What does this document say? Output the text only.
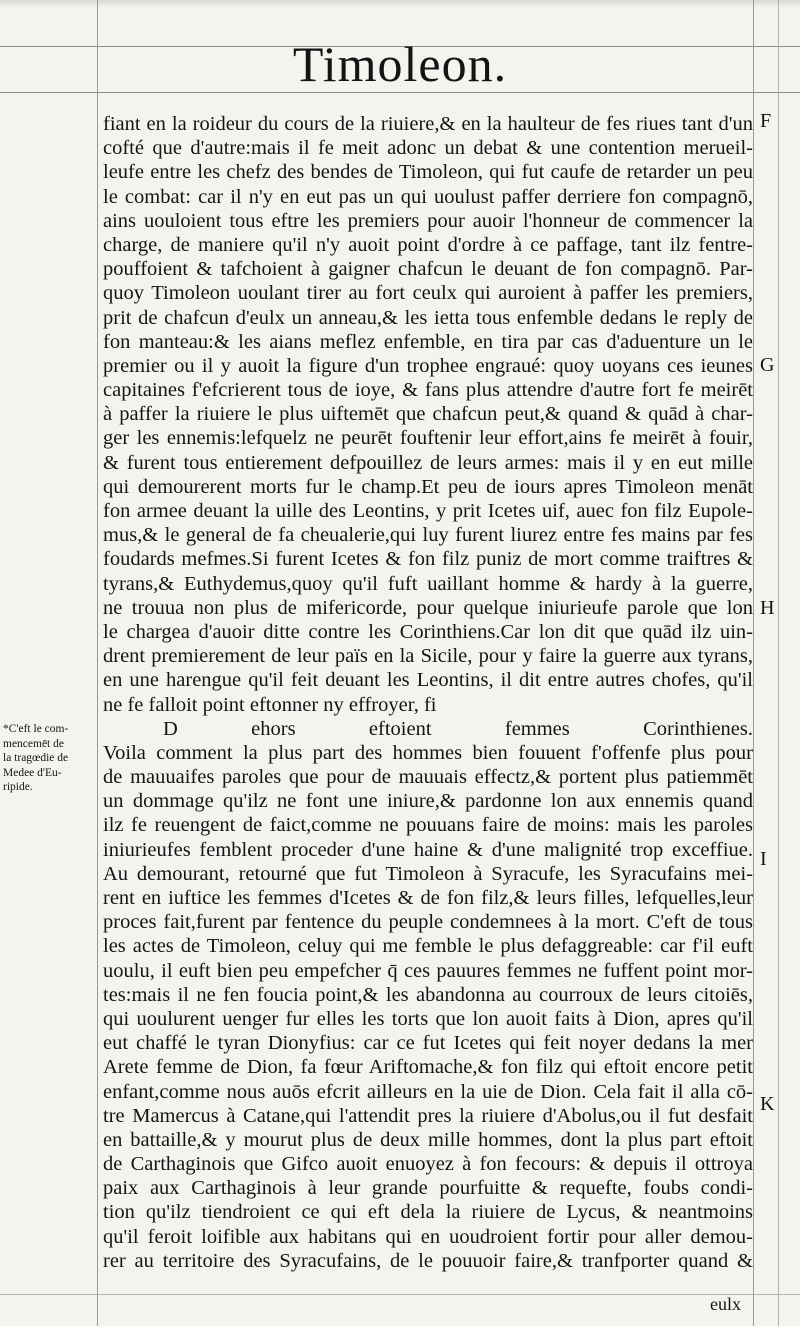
Timoleon.
fiant en la roideur du cours de la riuiere,& en la haulteur de fes riues tant d'un
cofté que d'autre:mais il fe meit adonc un debat & une contention merueil-
leufe entre les chefz des bendes de Timoleon, qui fut caufe de retarder un peu
le combat: car il n'y en eut pas un qui uoulust paffer derriere fon compagnō,
ains uouloient tous eftre les premiers pour auoir l'honneur de commencer la
charge, de maniere qu'il n'y auoit point d'ordre à ce paffage, tant ilz fentre-
pouffoient & tafchoient à gaigner chafcun le deuant de fon compagnō. Par-
quoy Timoleon uoulant tirer au fort ceulx qui auroient à paffer les premiers,
prit de chafcun d'eulx un anneau,& les ietta tous enfemble dedans le reply de
fon manteau:& les aians meflez enfemble, en tira par cas d'aduenture un le
premier ou il y auoit la figure d'un trophee engraué: quoy uoyans ces ieunes
capitaines f'efcrierent tous de ioye, & fans plus attendre d'autre fort fe meirēt
à paffer la riuiere le plus uiftemēt que chafcun peut,& quand & quād à char-
ger les ennemis:lefquelz ne peurēt fouftenir leur effort,ains fe meirēt à fouir,
& furent tous entierement defpouillez de leurs armes: mais il y en eut mille
qui demourerent morts fur le champ.Et peu de iours apres Timoleon menāt
fon armee deuant la uille des Leontins, y prit Icetes uif, auec fon filz Eupole-
mus,& le general de fa cheualerie,qui luy furent liurez entre fes mains par fes
foudards mefmes.Si furent Icetes & fon filz puniz de mort comme traiftres &
tyrans,& Euthydemus,quoy qu'il fuft uaillant homme & hardy à la guerre,
ne trouua non plus de mifericorde, pour quelque iniurieufe parole que lon
le chargea d'auoir ditte contre les Corinthiens.Car lon dit que quād ilz uin-
drent premierement de leur païs en la Sicile, pour y faire la guerre aux tyrans,
en une harengue qu'il feit deuant les Leontins, il dit entre autres chofes, qu'il
ne fe falloit point eftonner ny effroyer, fi
D ehors eftoient femmes Corinthienes.
Voila comment la plus part des hommes bien fouuent f'offenfe plus pour
de mauuaifes paroles que pour de mauuais effectz,& portent plus patiemmēt
un dommage qu'ilz ne font une iniure,& pardonne lon aux ennemis quand
ilz fe reuengent de faict,comme ne pouuans faire de moins: mais les paroles
iniurieufes femblent proceder d'une haine & d'une malignité trop exceffiue.
Au demourant, retourné que fut Timoleon à Syracufe, les Syracufains mei-
rent en iuftice les femmes d'Icetes & de fon filz,& leurs filles, lefquelles,leur
proces fait,furent par fentence du peuple condemnees à la mort. C'eft de tous
les actes de Timoleon, celuy qui me femble le plus defaggreable: car f'il euft
uoulu, il euft bien peu empefcher q̄ ces pauures femmes ne fuffent point mor-
tes:mais il ne fen foucia point,& les abandonna au courroux de leurs citoiēs,
qui uoulurent uenger fur elles les torts que lon auoit faits à Dion, apres qu'il
eut chaffé le tyran Dionyfius: car ce fut Icetes qui feit noyer dedans la mer
Arete femme de Dion, fa fœur Ariftomache,& fon filz qui eftoit encore petit
enfant,comme nous auōs efcrit ailleurs en la uie de Dion. Cela fait il alla cō-
tre Mamercus à Catane,qui l'attendit pres la riuiere d'Abolus,ou il fut desfait
en battaille,& y mourut plus de deux mille hommes, dont la plus part eftoit
de Carthaginois que Gifco auoit enuoyez à fon fecours: & depuis il ottroya
paix aux Carthaginois à leur grande pourfuitte & requefte, foubs condi-
tion qu'ilz tiendroient ce qui eft dela la riuiere de Lycus, & neantmoins
qu'il feroit loifible aux habitans qui en uoudroient fortir pour aller demou-
rer au territoire des Syracufains, de le pouuoir faire,& tranfporter quand &
F
G
H
I
K
*C'eft le com-
mencemēt de
la tragœdie de
Medee d'Eu-
ripide.
eulx
